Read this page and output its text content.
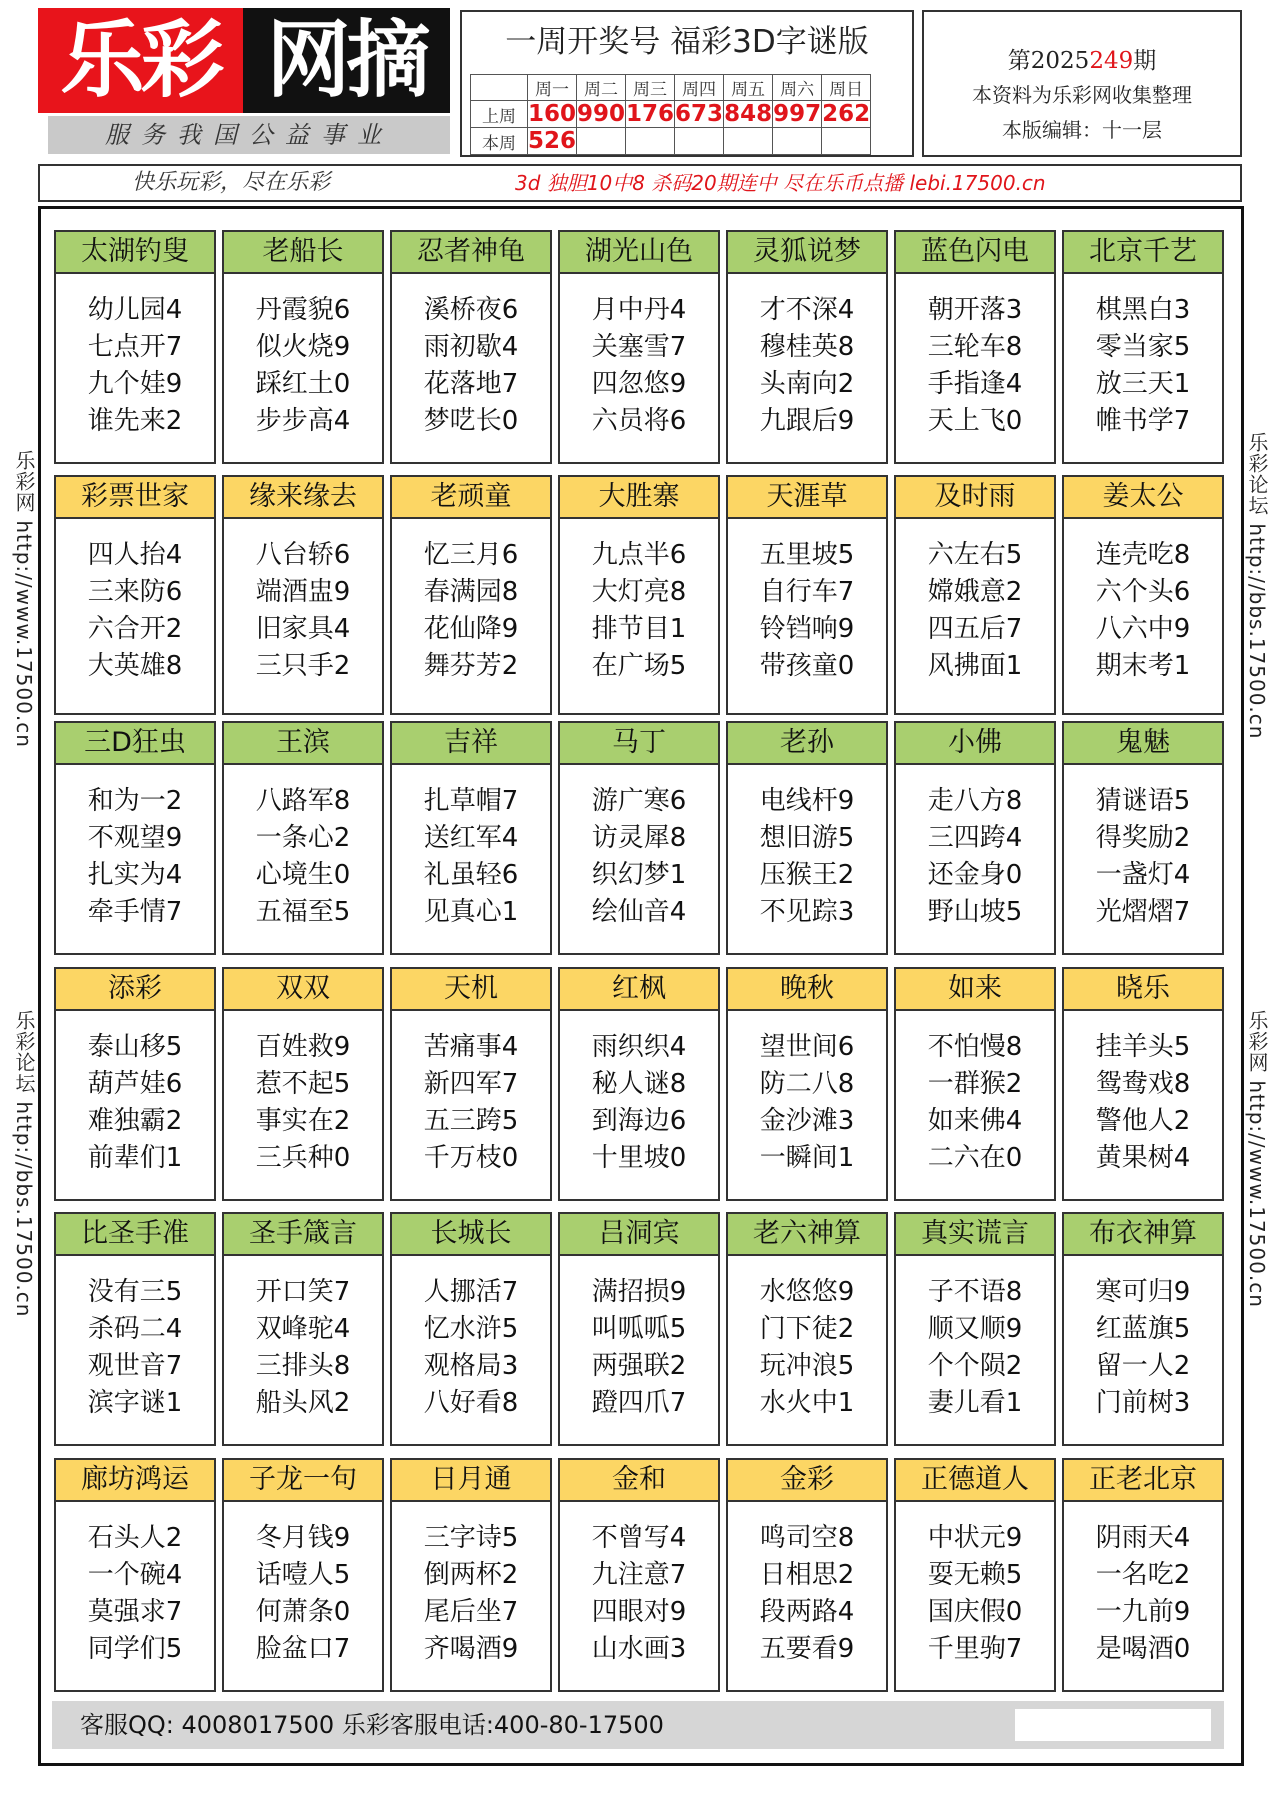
乐彩 网摘
服务我国公益事业
一周开奖号 福彩3D字谜版
	周一	周二	周三	周四	周五	周六	周日
上周	160	990	176	673	848	997	262
本周	526						
第2025249期
本资料为乐彩网收集整理
本版编辑：十一层
快乐玩彩，尽在乐彩	3d 独胆10中8 杀码20期连中 尽在乐币点播 lebi.17500.cn
乐彩网 http://www.17500.cn
乐彩论坛 http://bbs.17500.cn
乐彩论坛 http://bbs.17500.cn
乐彩网 http://www.17500.cn
太湖钓叟
幼儿园4
七点开7
九个娃9
谁先来2
老船长
丹霞貌6
似火烧9
踩红土0
步步高4
忍者神龟
溪桥夜6
雨初歇4
花落地7
梦呓长0
湖光山色
月中丹4
关塞雪7
四忽悠9
六员将6
灵狐说梦
才不深4
穆桂英8
头南向2
九跟后9
蓝色闪电
朝开落3
三轮车8
手指逢4
天上飞0
北京千艺
棋黑白3
零当家5
放三天1
帷书学7
彩票世家
四人抬4
三来防6
六合开2
大英雄8
缘来缘去
八台轿6
端酒盅9
旧家具4
三只手2
老顽童
忆三月6
春满园8
花仙降9
舞芬芳2
大胜寨
九点半6
大灯亮8
排节目1
在广场5
天涯草
五里坡5
自行车7
铃铛响9
带孩童0
及时雨
六左右5
嫦娥意2
四五后7
风拂面1
姜太公
连壳吃8
六个头6
八六中9
期末考1
三D狂虫
和为一2
不观望9
扎实为4
牵手情7
王滨
八路军8
一条心2
心境生0
五福至5
吉祥
扎草帽7
送红军4
礼虽轻6
见真心1
马丁
游广寒6
访灵犀8
织幻梦1
绘仙音4
老孙
电线杆9
想旧游5
压猴王2
不见踪3
小佛
走八方8
三四跨4
还金身0
野山坡5
鬼魅
猜谜语5
得奖励2
一盏灯4
光熠熠7
添彩
泰山移5
葫芦娃6
难独霸2
前辈们1
双双
百姓救9
惹不起5
事实在2
三兵种0
天机
苦痛事4
新四军7
五三跨5
千万枝0
红枫
雨织织4
秘人谜8
到海边6
十里坡0
晚秋
望世间6
防二八8
金沙滩3
一瞬间1
如来
不怕慢8
一群猴2
如来佛4
二六在0
晓乐
挂羊头5
鸳鸯戏8
警他人2
黄果树4
比圣手准
没有三5
杀码二4
观世音7
滨字谜1
圣手箴言
开口笑7
双峰驼4
三排头8
船头风2
长城长
人挪活7
忆水浒5
观格局3
八好看8
吕洞宾
满招损9
叫呱呱5
两强联2
蹬四爪7
老六神算
水悠悠9
门下徒2
玩冲浪5
水火中1
真实谎言
子不语8
顺又顺9
个个陨2
妻儿看1
布衣神算
寒可归9
红蓝旗5
留一人2
门前树3
廊坊鸿运
石头人2
一个碗4
莫强求7
同学们5
子龙一句
冬月钱9
话噎人5
何萧条0
脸盆口7
日月通
三字诗5
倒两杯2
尾后坐7
齐喝酒9
金和
不曾写4
九注意7
四眼对9
山水画3
金彩
鸣司空8
日相思2
段两路4
五要看9
正德道人
中状元9
耍无赖5
国庆假0
千里驹7
正老北京
阴雨天4
一名吃2
一九前9
是喝酒0
客服QQ: 4008017500 乐彩客服电话:400-80-17500
